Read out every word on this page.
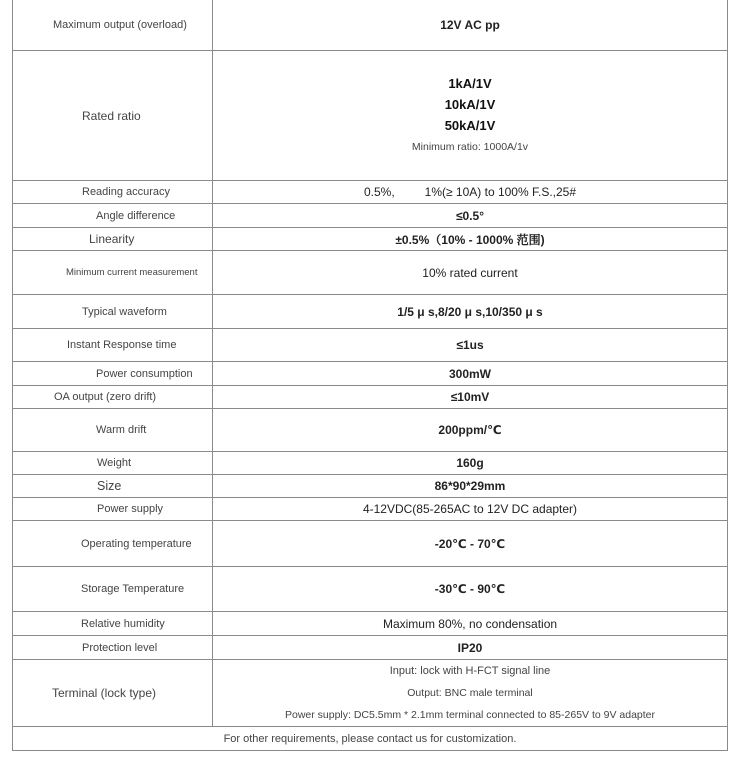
Maximum output (overload)	12V AC pp

Rated ratio	1kA/1V
10kA/1V
50kA/1V
Minimum ratio: 1000A/1v

Reading accuracy	0.5%, 1%(≥ 10A) to 100% F.S.,25#

Angle difference	≤0.5°

Linearity	±0.5%（10% - 1000% 范围)

Minimum current measurement	10% rated current

Typical waveform	1/5 μ s,8/20 μ s,10/350 μ s

Instant Response time	≤1us

Power consumption	300mW

OA output (zero drift)	≤10mV

Warm drift	200ppm/℃

Weight	160g

Size	86*90*29mm

Power supply	4-12VDC(85-265AC to 12V DC adapter)

Operating temperature	-20℃ - 70℃

Storage Temperature	-30℃ - 90℃

Relative humidity	Maximum 80%, no condensation

Protection level	IP20

Terminal (lock type)	Input: lock with H-FCT signal line
Output: BNC male terminal
Power supply: DC5.5mm * 2.1mm terminal connected to 85-265V to 9V adapter

For other requirements, please contact us for customization.	
